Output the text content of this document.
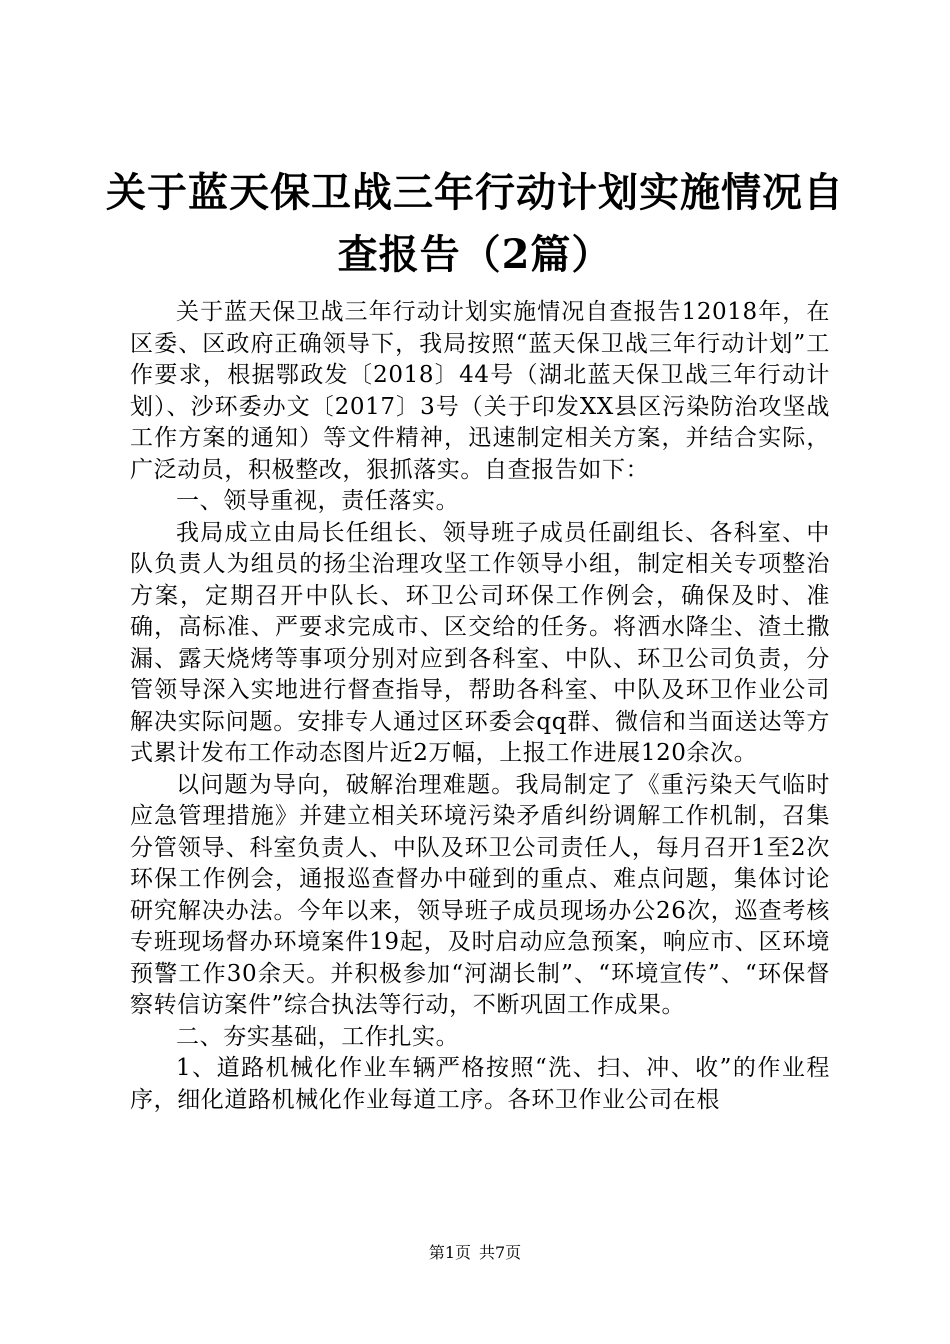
关于蓝天保卫战三年行动计划实施情况自查报告（2篇）

关于蓝天保卫战三年行动计划实施情况自查报告12018年，在区委、区政府正确领导下，我局按照“蓝天保卫战三年行动计划”工作要求，根据鄂政发〔2018〕44号（湖北蓝天保卫战三年行动计划）、沙环委办文〔2017〕3号（关于印发XX县区污染防治攻坚战工作方案的通知）等文件精神，迅速制定相关方案，并结合实际，广泛动员，积极整改，狠抓落实。自查报告如下：

一、领导重视，责任落实。

我局成立由局长任组长、领导班子成员任副组长、各科室、中队负责人为组员的扬尘治理攻坚工作领导小组，制定相关专项整治方案，定期召开中队长、环卫公司环保工作例会，确保及时、准确，高标准、严要求完成市、区交给的任务。将洒水降尘、渣土撒漏、露天烧烤等事项分别对应到各科室、中队、环卫公司负责，分管领导深入实地进行督查指导，帮助各科室、中队及环卫作业公司解决实际问题。安排专人通过区环委会qq群、微信和当面送达等方式累计发布工作动态图片近2万幅，上报工作进展120余次。

以问题为导向，破解治理难题。我局制定了《重污染天气临时应急管理措施》并建立相关环境污染矛盾纠纷调解工作机制，召集分管领导、科室负责人、中队及环卫公司责任人，每月召开1至2次环保工作例会，通报巡查督办中碰到的重点、难点问题，集体讨论研究解决办法。今年以来，领导班子成员现场办公26次，巡查考核专班现场督办环境案件19起，及时启动应急预案，响应市、区环境预警工作30余天。并积极参加“河湖长制”、“环境宣传”、“环保督察转信访案件”综合执法等行动，不断巩固工作成果。

二、夯实基础，工作扎实。

1、道路机械化作业车辆严格按照“洗、扫、冲、收”的作业程序，细化道路机械化作业每道工序。各环卫作业公司在根

第1页 共7页
